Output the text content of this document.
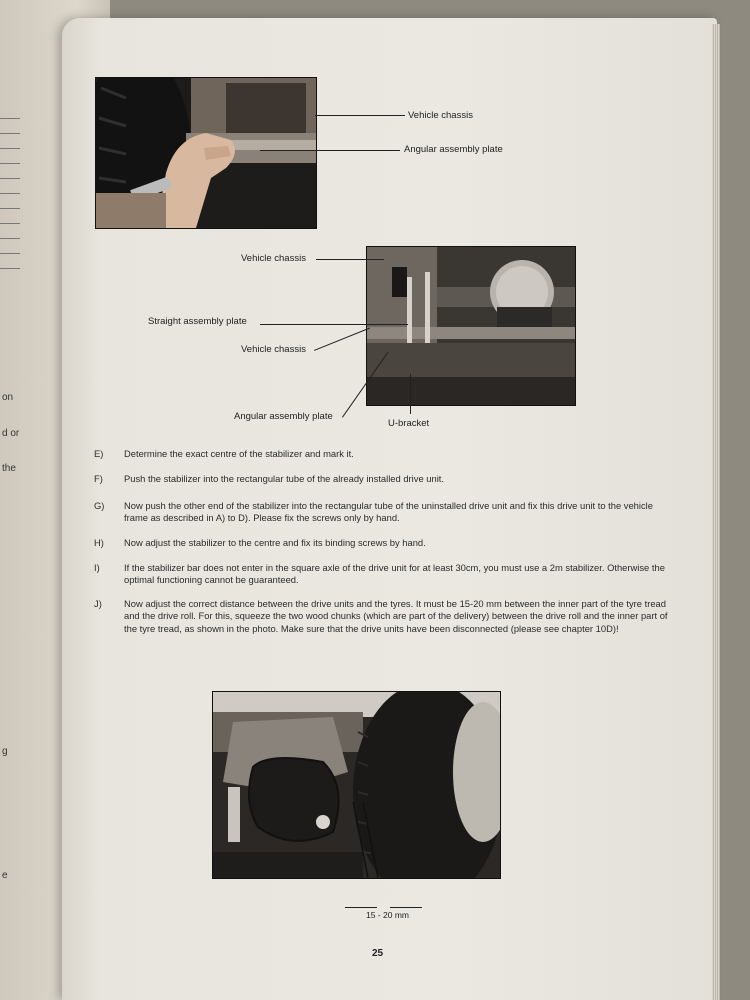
on
d or
the
g
e
Vehicle chassis
Angular assembly plate
Vehicle chassis
Straight assembly plate
Vehicle chassis
Angular assembly plate
U-bracket
E) Determine the exact centre of the stabilizer and mark it.
F) Push the stabilizer into the rectangular tube of the already installed drive unit.
G) Now push the other end of the stabilizer into the rectangular tube of the uninstalled drive unit and fix this drive unit to the vehicle frame as described in A) to D). Please fix the screws only by hand.
H) Now adjust the stabilizer to the centre and fix its binding screws by hand.
I)	If the stabilizer bar does not enter in the square axle of the drive unit for at least 30cm, you must use a 2m stabilizer. Otherwise the optimal functioning cannot be guaranteed.
J) Now adjust the correct distance between the drive units and the tyres. It must be 15-20 mm between the inner part of the tyre tread and the drive roll. For this, squeeze the two wood chunks (which are part of the delivery) between the drive roll and the inner part of the tyre tread, as shown in the photo. Make sure that the drive units have been disconnected (please see chapter 10D)!
15 - 20 mm
25
